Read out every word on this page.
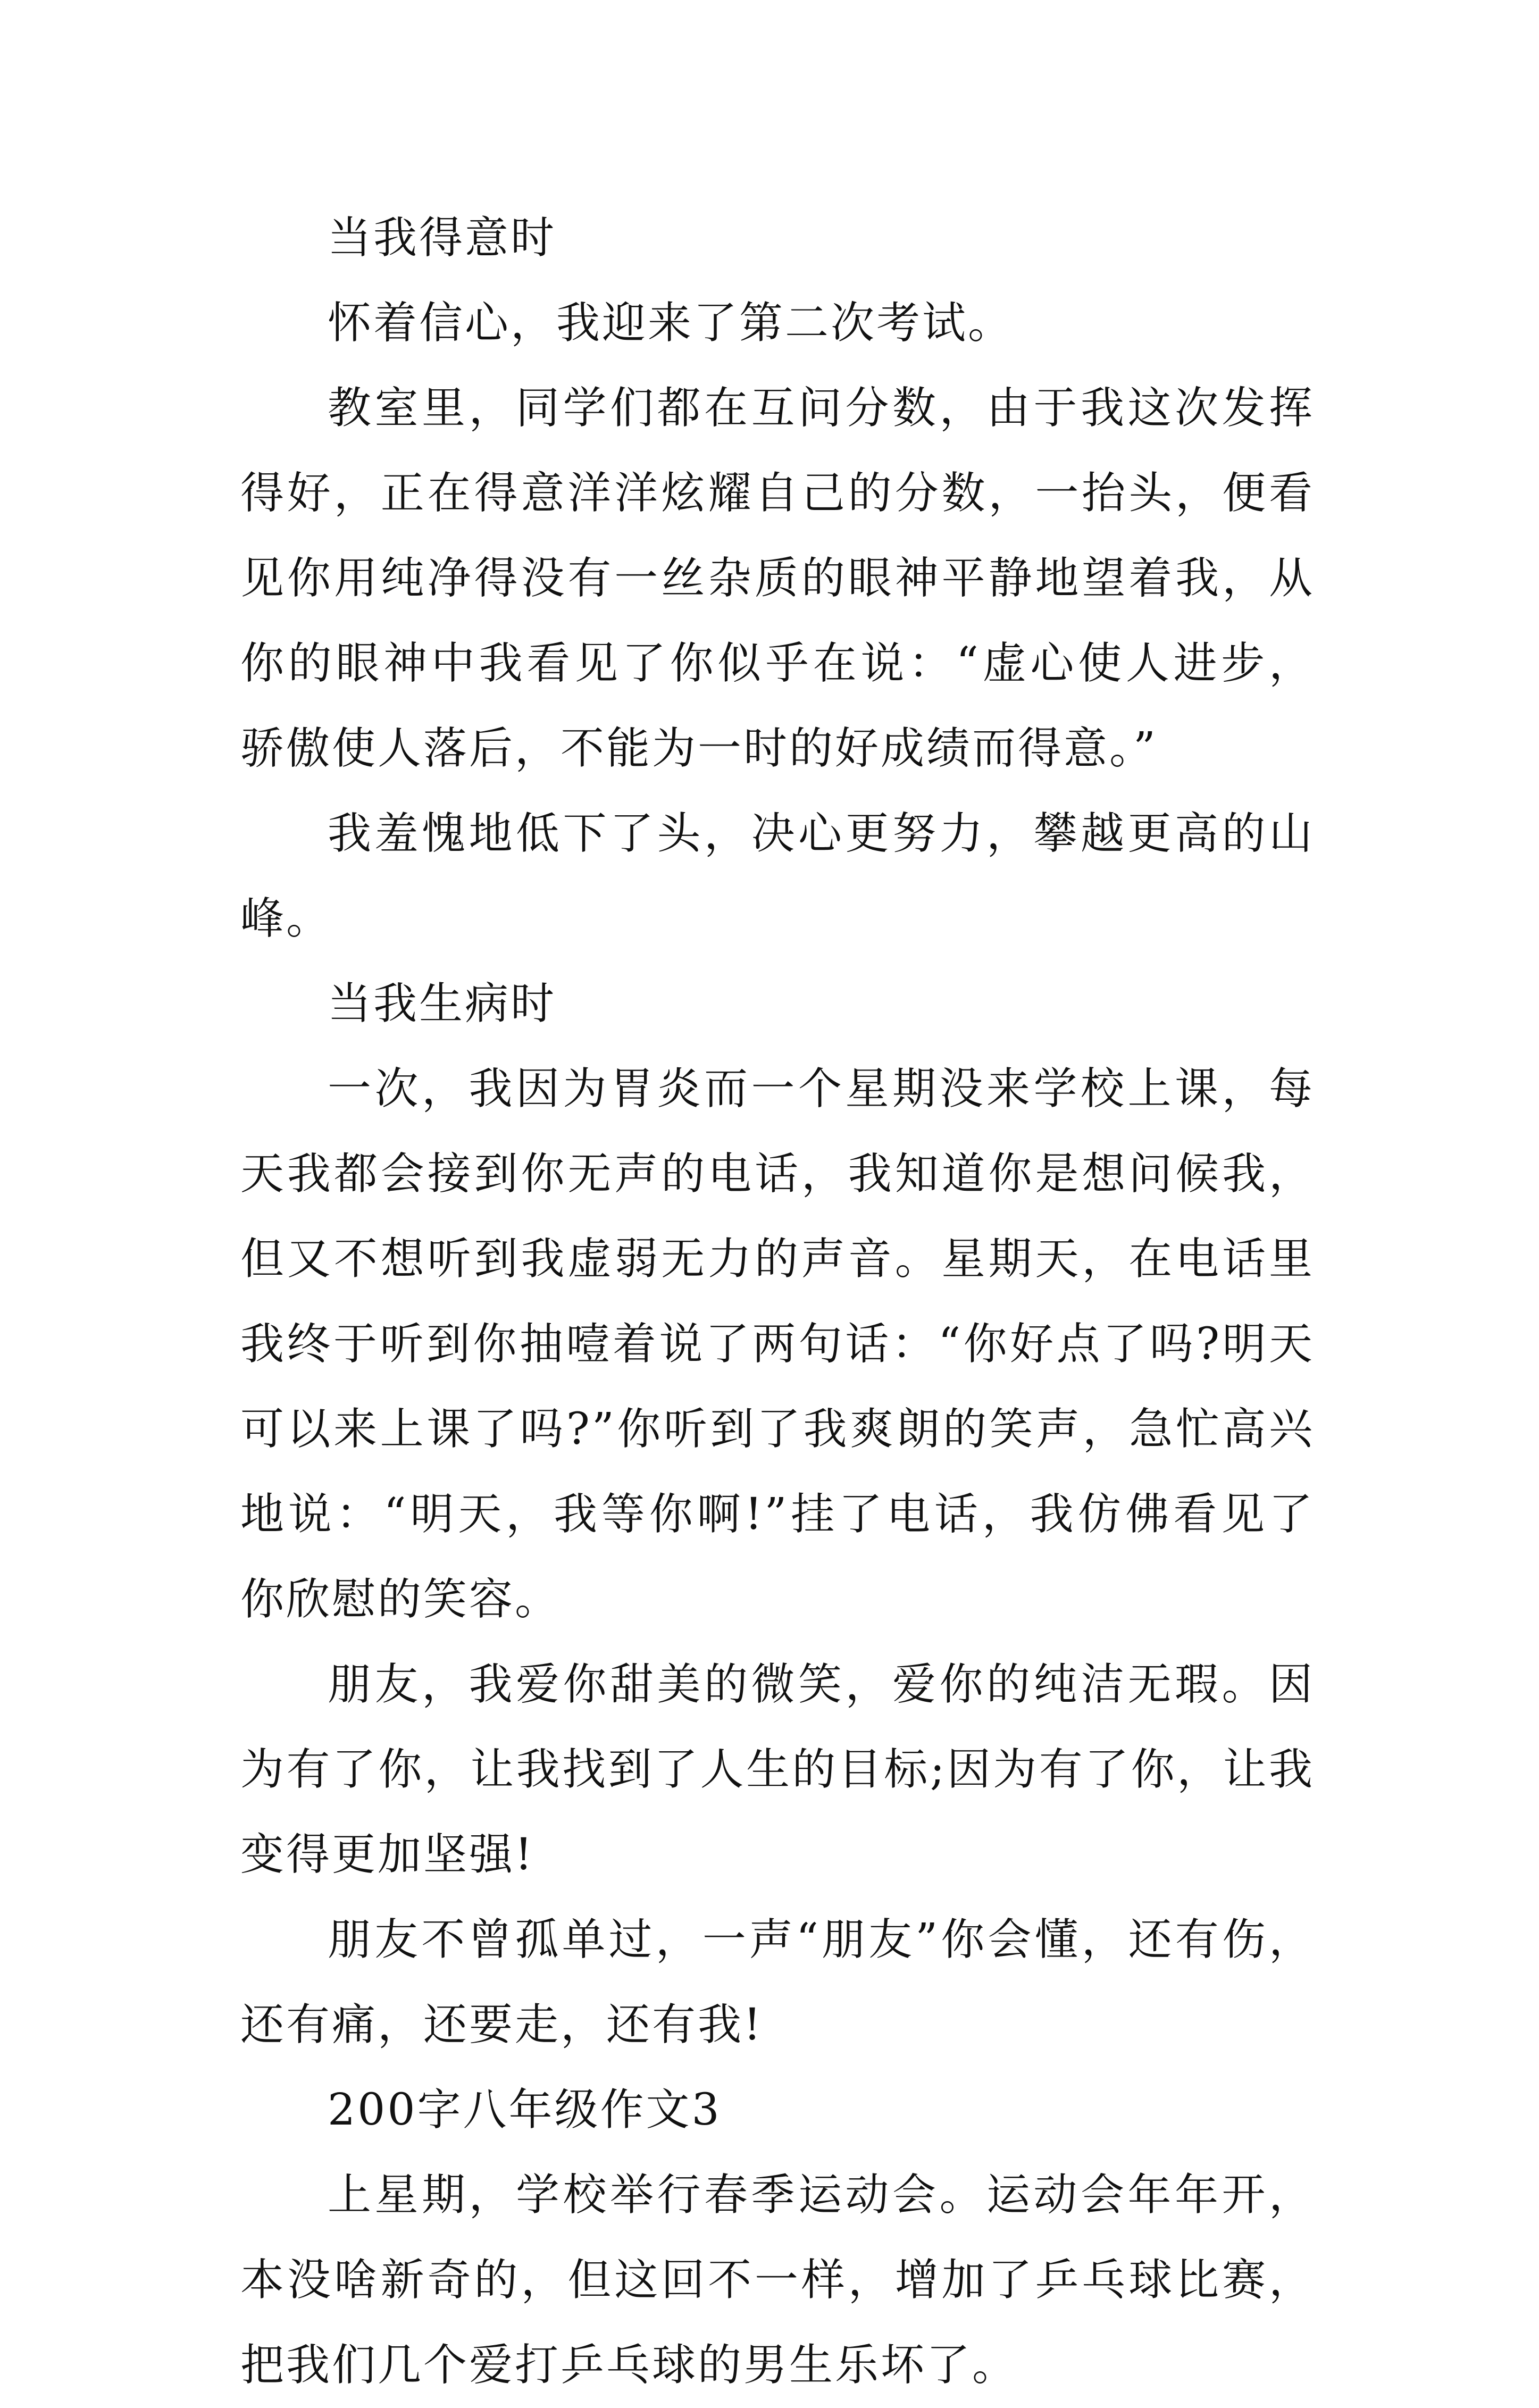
当我得意时

怀着信心，我迎来了第二次考试。

教室里，同学们都在互问分数，由于我这次发挥得好，正在得意洋洋炫耀自己的分数，一抬头，便看见你用纯净得没有一丝杂质的眼神平静地望着我，从你的眼神中我看见了你似乎在说：“虚心使人进步，骄傲使人落后，不能为一时的好成绩而得意。”

我羞愧地低下了头，决心更努力，攀越更高的山峰。

当我生病时

一次，我因为胃炎而一个星期没来学校上课，每天我都会接到你无声的电话，我知道你是想问候我，但又不想听到我虚弱无力的声音。星期天，在电话里我终于听到你抽噎着说了两句话：“你好点了吗?明天可以来上课了吗?”你听到了我爽朗的笑声，急忙高兴地说：“明天，我等你啊!”挂了电话，我仿佛看见了你欣慰的笑容。

朋友，我爱你甜美的微笑，爱你的纯洁无瑕。因为有了你，让我找到了人生的目标;因为有了你，让我变得更加坚强!

朋友不曾孤单过，一声“朋友”你会懂，还有伤，还有痛，还要走，还有我!

200字八年级作文3

上星期，学校举行春季运动会。运动会年年开，本没啥新奇的，但这回不一样，增加了乒乓球比赛，把我们几个爱打乒乓球的男生乐坏了。
